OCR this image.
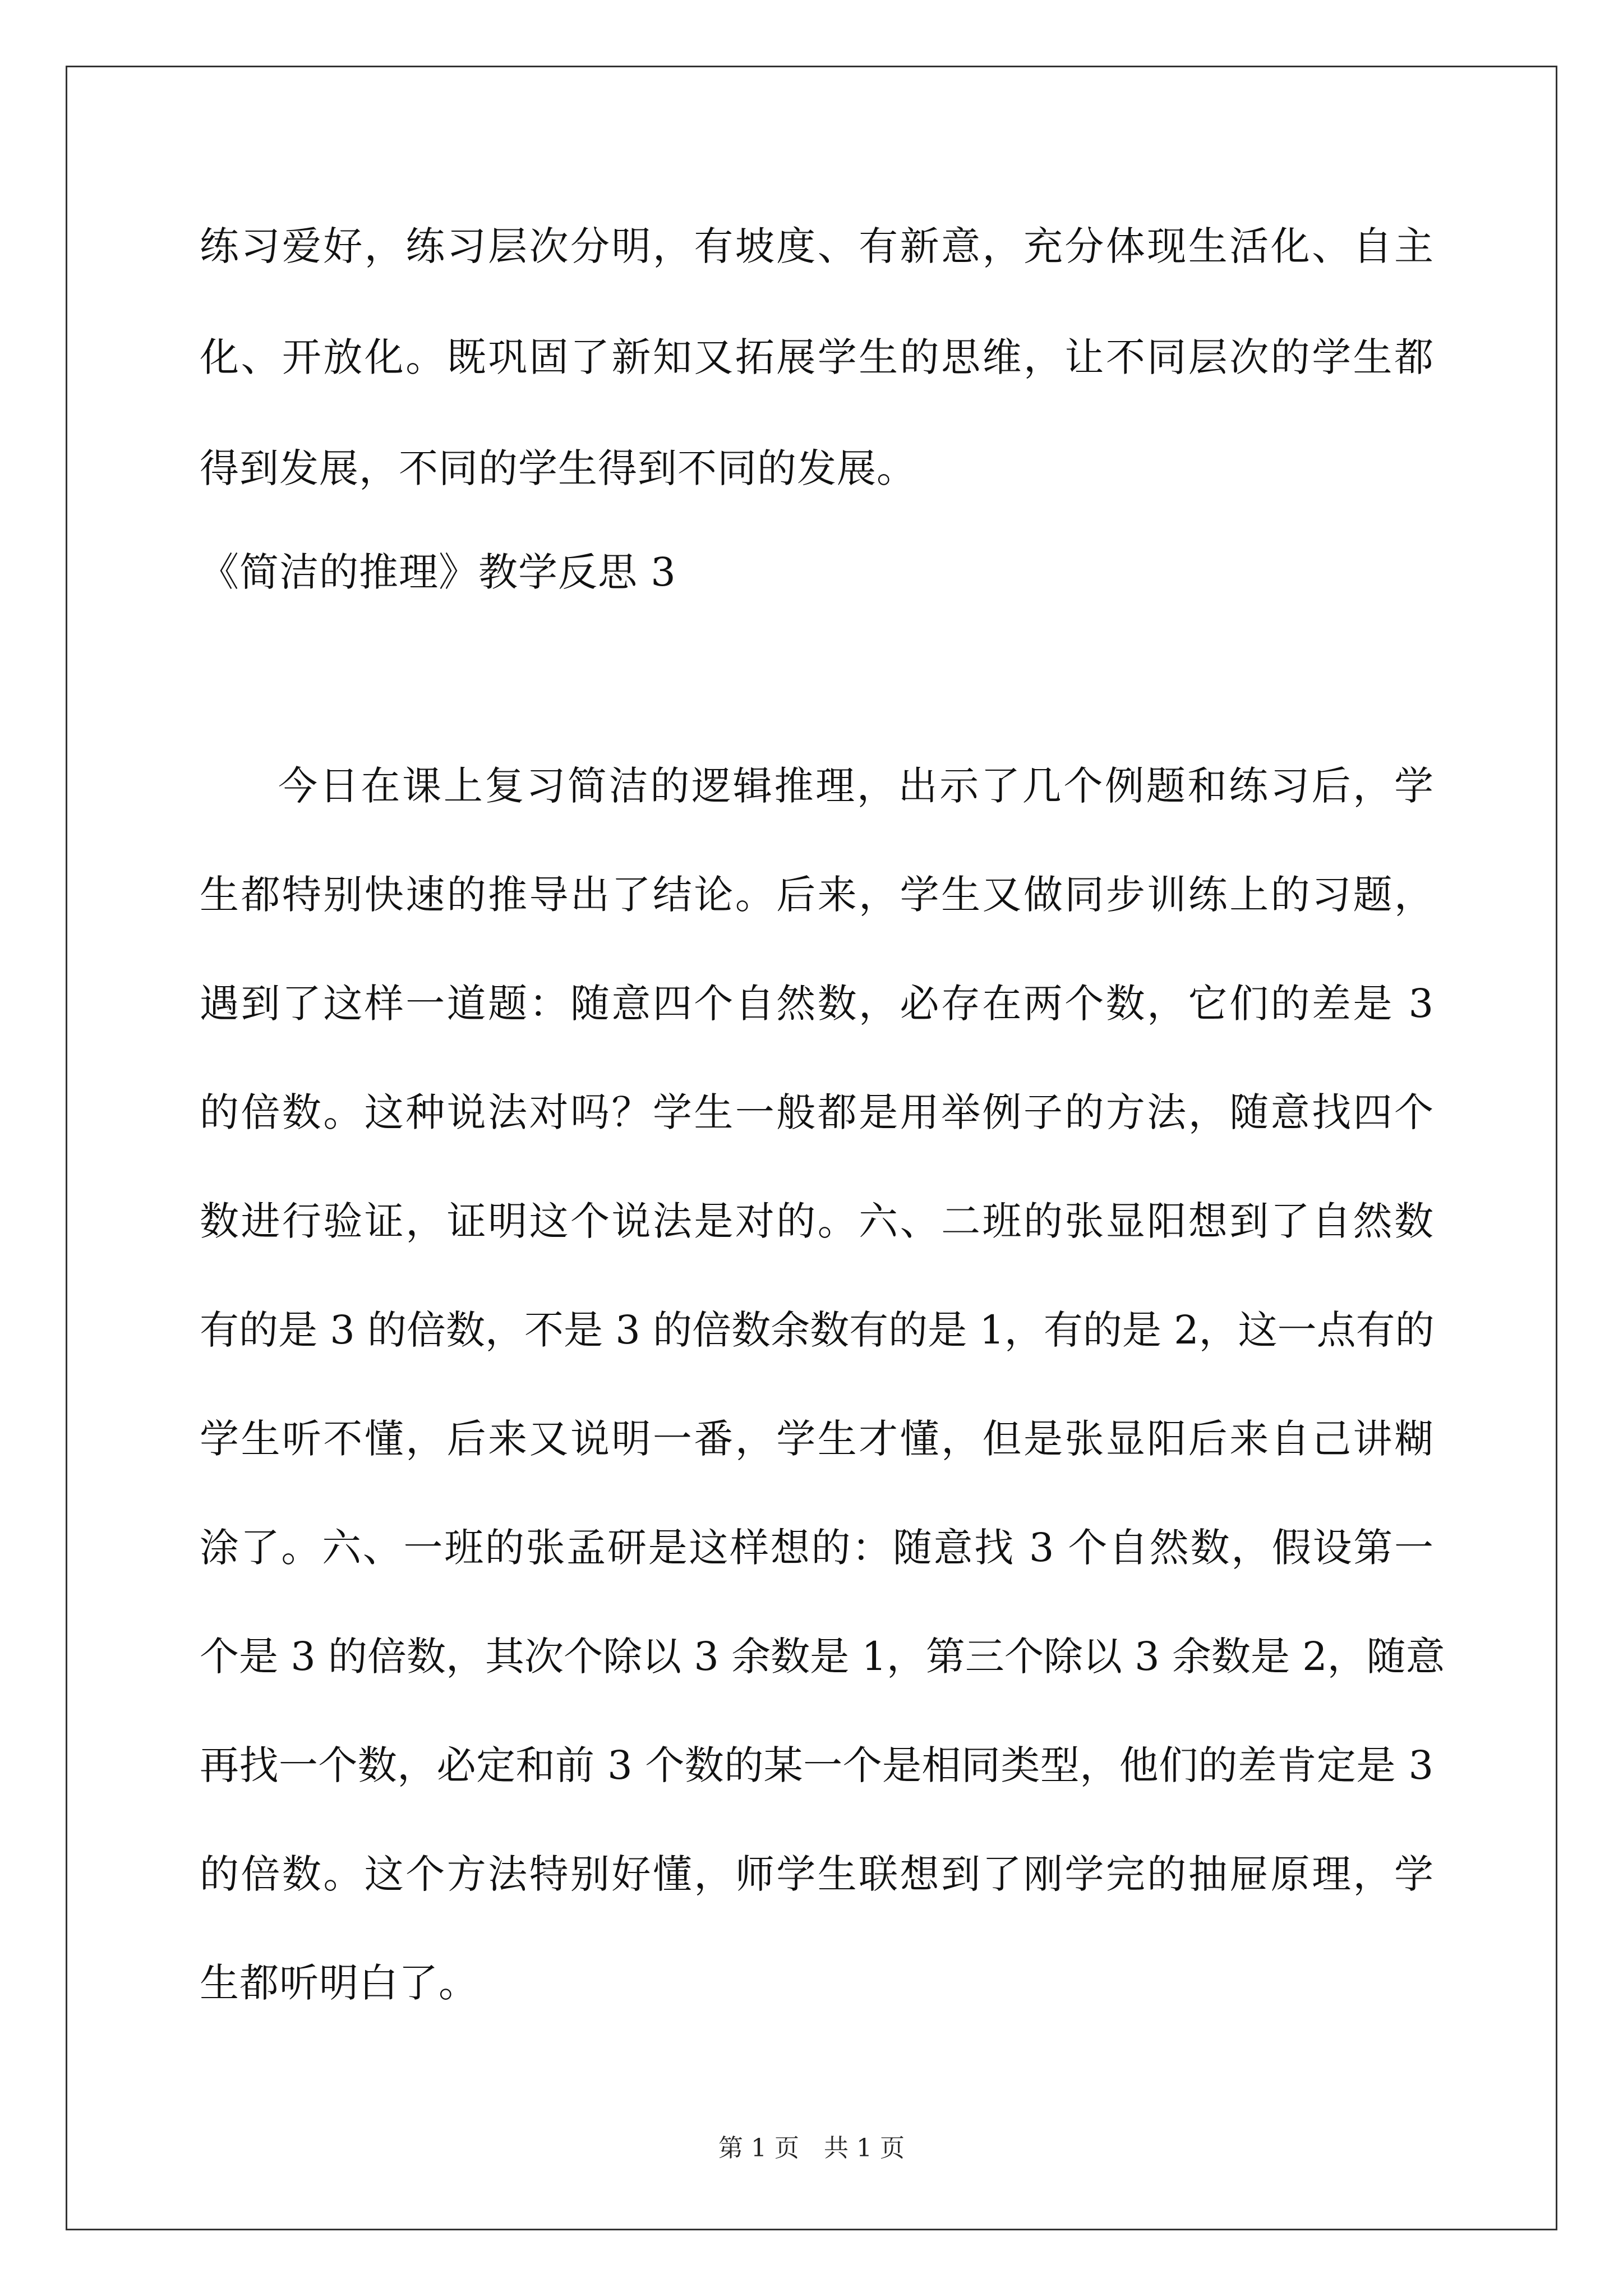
练习爱好，练习层次分明，有坡度、有新意，充分体现生活化、自主
化、开放化。既巩固了新知又拓展学生的思维，让不同层次的学生都
得到发展，不同的学生得到不同的发展。
《简洁的推理》教学反思 3
今日在课上复习简洁的逻辑推理，出示了几个例题和练习后，学
生都特别快速的推导出了结论。后来，学生又做同步训练上的习题，
遇到了这样一道题：随意四个自然数，必存在两个数，它们的差是 3
的倍数。这种说法对吗？学生一般都是用举例子的方法，随意找四个
数进行验证，证明这个说法是对的。六、二班的张显阳想到了自然数
有的是 3 的倍数，不是 3 的倍数余数有的是 1，有的是 2，这一点有的
学生听不懂，后来又说明一番，学生才懂，但是张显阳后来自己讲糊
涂了。六、一班的张孟研是这样想的：随意找 3 个自然数，假设第一
个是 3 的倍数，其次个除以 3 余数是 1，第三个除以 3 余数是 2，随意
再找一个数，必定和前 3 个数的某一个是相同类型，他们的差肯定是 3
的倍数。这个方法特别好懂，师学生联想到了刚学完的抽屉原理，学
生都听明白了。
第 1 页　共 1 页
